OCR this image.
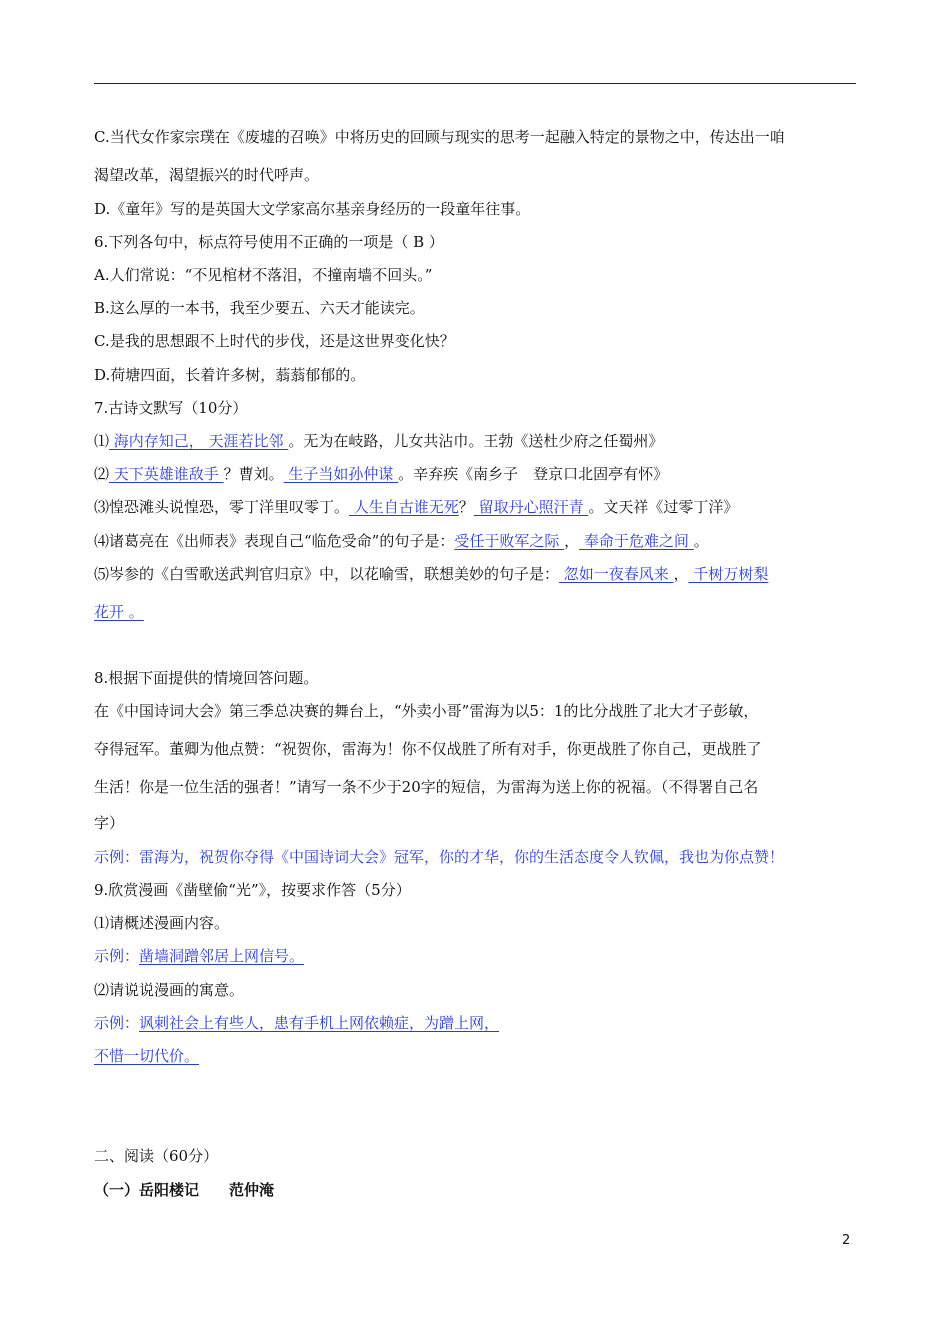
C.当代女作家宗璞在《废墟的召唤》中将历史的回顾与现实的思考一起融入特定的景物之中，传达出一咱
渴望改革，渴望振兴的时代呼声。
D.《童年》写的是英国大文学家高尔基亲身经历的一段童年往事。
6.下列各句中，标点符号使用不正确的一项是（ B ）
A.人们常说：“不见棺材不落泪，不撞南墙不回头。”
B.这么厚的一本书，我至少要五、六天才能读完。
C.是我的思想跟不上时代的步伐，还是这世界变化快？
D.荷塘四面，长着许多树，蓊蓊郁郁的。
7.古诗文默写（10分）
⑴ 海内存知己， 天涯若比邻 。无为在岐路，儿女共沾巾。王勃《送杜少府之任蜀州》
⑵ 天下英雄谁敌手 ？曹刘。 生子当如孙仲谋 。辛弃疾《南乡子　登京口北固亭有怀》
⑶惶恐滩头说惶恐，零丁洋里叹零丁。 人生自古谁无死？ 留取丹心照汗青 。文天祥《过零丁洋》
⑷诸葛亮在《出师表》表现自己“临危受命”的句子是：受任于败军之际 ， 奉命于危难之间 。
⑸岑参的《白雪歌送武判官归京》中，以花喻雪，联想美妙的句子是： 忽如一夜春风来 ， 千树万树梨
花开 。
8.根据下面提供的情境回答问题。
在《中国诗词大会》第三季总决赛的舞台上，“外卖小哥”雷海为以5：1的比分战胜了北大才子彭敏，
夺得冠军。董卿为他点赞：“祝贺你，雷海为！你不仅战胜了所有对手，你更战胜了你自己，更战胜了
生活！你是一位生活的强者！”请写一条不少于20字的短信，为雷海为送上你的祝福。（不得署自己名
字）
示例：雷海为，祝贺你夺得《中国诗词大会》冠军，你的才华，你的生活态度令人钦佩，我也为你点赞！
9.欣赏漫画《凿壁偷“光”》，按要求作答（5分）
⑴请概述漫画内容。
示例：凿墙洞蹭邻居上网信号。
⑵请说说漫画的寓意。
示例：讽刺社会上有些人，患有手机上网依赖症，为蹭上网，
不惜一切代价。
二、阅读（60分）
（一）岳阳楼记　　范仲淹
2
